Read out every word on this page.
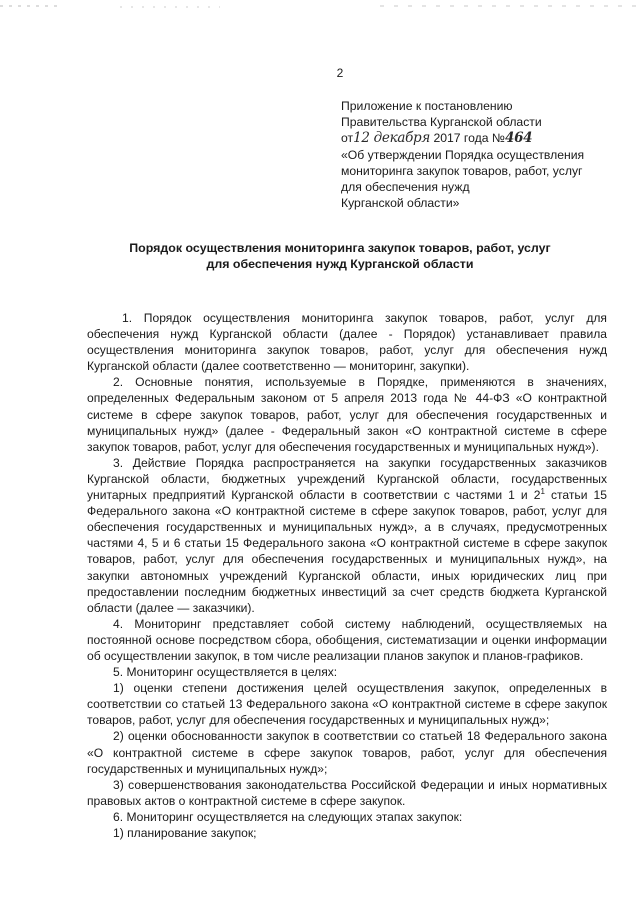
2
Приложение к постановлению
Правительства Курганской области
от12 декабря 2017 года №464
«Об утверждении Порядка осуществления
мониторинга закупок товаров, работ, услуг
для обеспечения нужд
Курганской области»
Порядок осуществления мониторинга закупок товаров, работ, услуг
для обеспечения нужд Курганской области

1. Порядок осуществления мониторинга закупок товаров, работ, услуг для обеспечения нужд Курганской области (далее - Порядок) устанавливает правила осуществления мониторинга закупок товаров, работ, услуг для обеспечения нужд Курганской области (далее соответственно — мониторинг, закупки).

2. Основные понятия, используемые в Порядке, применяются в значениях, определенных Федеральным законом от 5 апреля 2013 года № 44-ФЗ «О контрактной системе в сфере закупок товаров, работ, услуг для обеспечения государственных и муниципальных нужд» (далее - Федеральный закон «О контрактной системе в сфере закупок товаров, работ, услуг для обеспечения государственных и муниципальных нужд»).

3. Действие Порядка распространяется на закупки государственных заказчиков Курганской области, бюджетных учреждений Курганской области, государственных унитарных предприятий Курганской области в соответствии с частями 1 и $2^1$ статьи 15 Федерального закона «О контрактной системе в сфере закупок товаров, работ, услуг для обеспечения государственных и муниципальных нужд», а в случаях, предусмотренных частями 4, 5 и 6 статьи 15 Федерального закона «О контрактной системе в сфере закупок товаров, работ, услуг для обеспечения государственных и муниципальных нужд», на закупки автономных учреждений Курганской области, иных юридических лиц при предоставлении последним бюджетных инвестиций за счет средств бюджета Курганской области (далее — заказчики).

4. Мониторинг представляет собой систему наблюдений, осуществляемых на постоянной основе посредством сбора, обобщения, систематизации и оценки информации об осуществлении закупок, в том числе реализации планов закупок и планов-графиков.

5. Мониторинг осуществляется в целях:

1) оценки степени достижения целей осуществления закупок, определенных в соответствии со статьей 13 Федерального закона «О контрактной системе в сфере закупок товаров, работ, услуг для обеспечения государственных и муниципальных нужд»;

2) оценки обоснованности закупок в соответствии со статьей 18 Федерального закона «О контрактной системе в сфере закупок товаров, работ, услуг для обеспечения государственных и муниципальных нужд»;

3) совершенствования законодательства Российской Федерации и иных нормативных правовых актов о контрактной системе в сфере закупок.

6. Мониторинг осуществляется на следующих этапах закупок:

1) планирование закупок;
